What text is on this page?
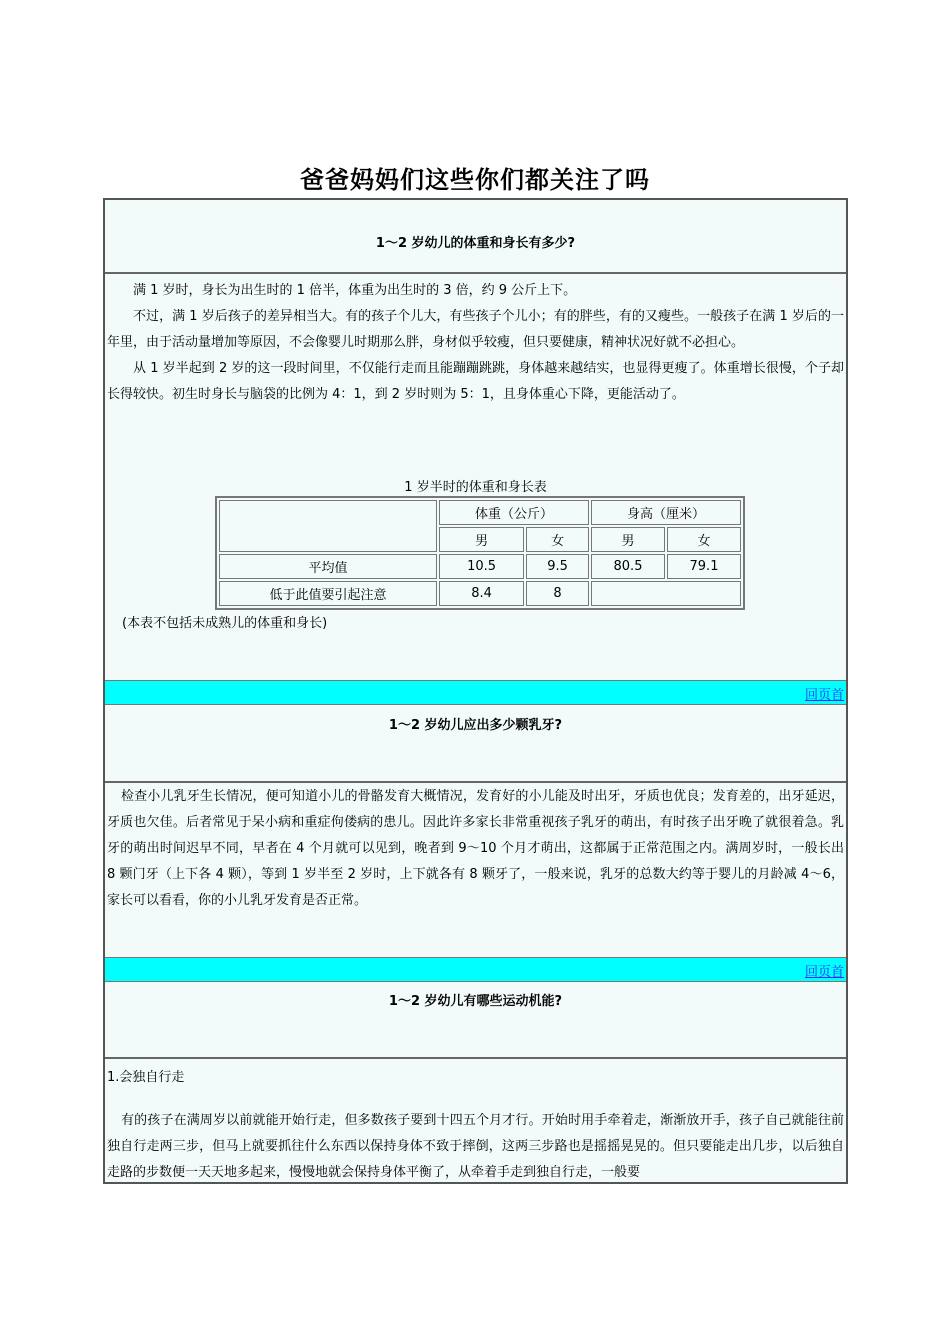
爸爸妈妈们这些你们都关注了吗
1～2 岁幼儿的体重和身长有多少?

满 1 岁时，身长为出生时的 1 倍半，体重为出生时的 3 倍，约 9 公斤上下。

不过，满 1 岁后孩子的差异相当大。有的孩子个儿大，有些孩子个儿小；有的胖些，有的又瘦些。一般孩子在满 1 岁后的一年里，由于活动量增加等原因，不会像婴儿时期那么胖，身材似乎较瘦，但只要健康，精神状况好就不必担心。

从 1 岁半起到 2 岁的这一段时间里，不仅能行走而且能蹦蹦跳跳，身体越来越结实，也显得更瘦了。体重增长很慢，个子却长得较快。初生时身长与脑袋的比例为 4：1，到 2 岁时则为 5：1，且身体重心下降，更能活动了。

1 岁半时的体重和身长表
	体重（公斤）		身高（厘米）	
	男	女	男	女
平均值	10.5	9.5	80.5	79.1
低于此值要引起注意	8.4	8		
(本表不包括未成熟儿的体重和身长)
回页首
1～2 岁幼儿应出多少颗乳牙?

检查小儿乳牙生长情况，便可知道小儿的骨骼发育大概情况，发育好的小儿能及时出牙，牙质也优良；发育差的，出牙延迟，牙质也欠佳。后者常见于呆小病和重症佝偻病的患儿。因此许多家长非常重视孩子乳牙的萌出，有时孩子出牙晚了就很着急。乳牙的萌出时间迟早不同，早者在 4 个月就可以见到，晚者到 9～10 个月才萌出，这都属于正常范围之内。满周岁时，一般长出 8 颗门牙（上下各 4 颗），等到 1 岁半至 2 岁时，上下就各有 8 颗牙了，一般来说，乳牙的总数大约等于婴儿的月龄减 4～6，家长可以看看，你的小儿乳牙发育是否正常。

回页首
1～2 岁幼儿有哪些运动机能?
1.会独自行走

有的孩子在满周岁以前就能开始行走，但多数孩子要到十四五个月才行。开始时用手牵着走，渐渐放开手，孩子自己就能往前独自行走两三步，但马上就要抓往什么东西以保持身体不致于摔倒，这两三步路也是摇摇晃晃的。但只要能走出几步，以后独自走路的步数便一天天地多起来，慢慢地就会保持身体平衡了，从牵着手走到独自行走，一般要
